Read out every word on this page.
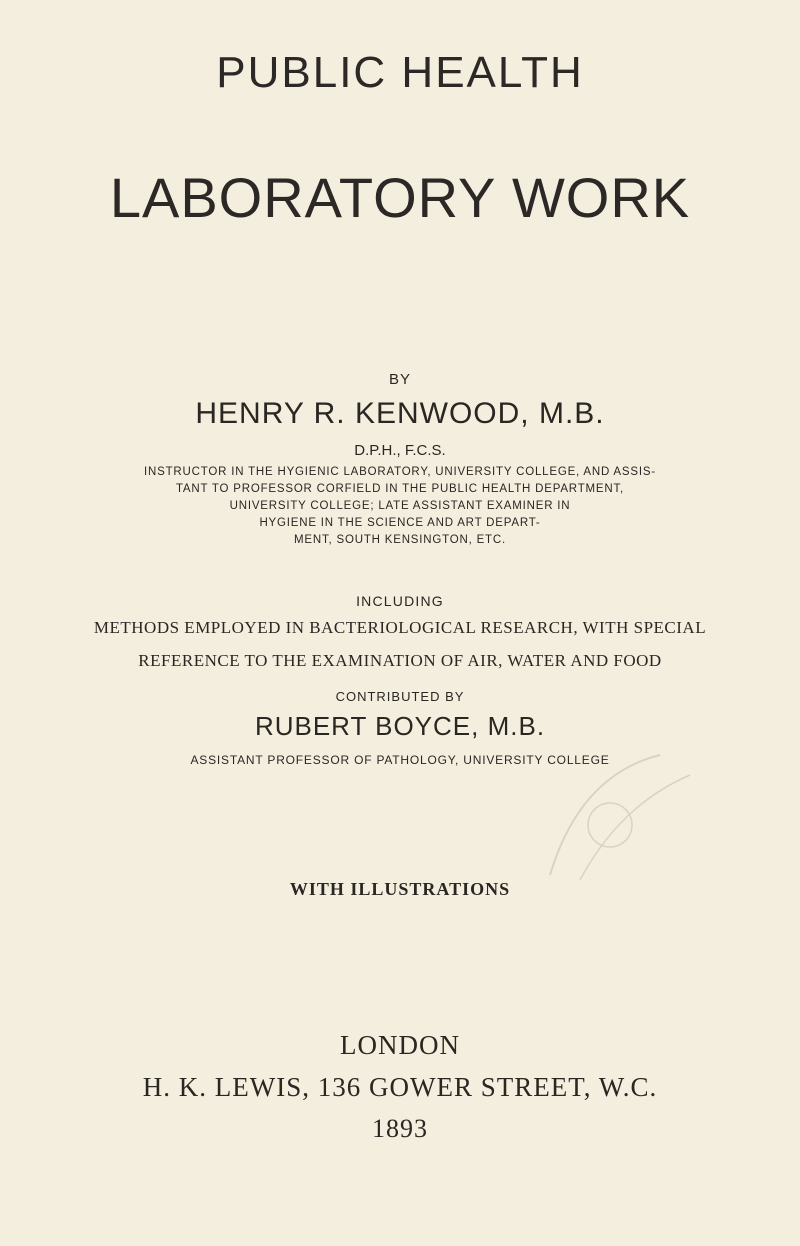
PUBLIC HEALTH
LABORATORY WORK
BY
HENRY R. KENWOOD, M.B.
D.P.H., F.C.S.
INSTRUCTOR IN THE HYGIENIC LABORATORY, UNIVERSITY COLLEGE, AND ASSIS-
TANT TO PROFESSOR CORFIELD IN THE PUBLIC HEALTH DEPARTMENT,
UNIVERSITY COLLEGE; LATE ASSISTANT EXAMINER IN
HYGIENE IN THE SCIENCE AND ART DEPART-
MENT, SOUTH KENSINGTON, ETC.
INCLUDING
METHODS EMPLOYED IN BACTERIOLOGICAL RESEARCH, WITH SPECIAL
REFERENCE TO THE EXAMINATION OF AIR, WATER AND FOOD
CONTRIBUTED BY
RUBERT BOYCE, M.B.
ASSISTANT PROFESSOR OF PATHOLOGY, UNIVERSITY COLLEGE
WITH ILLUSTRATIONS
LONDON
H. K. LEWIS, 136 GOWER STREET, W.C.
1893
